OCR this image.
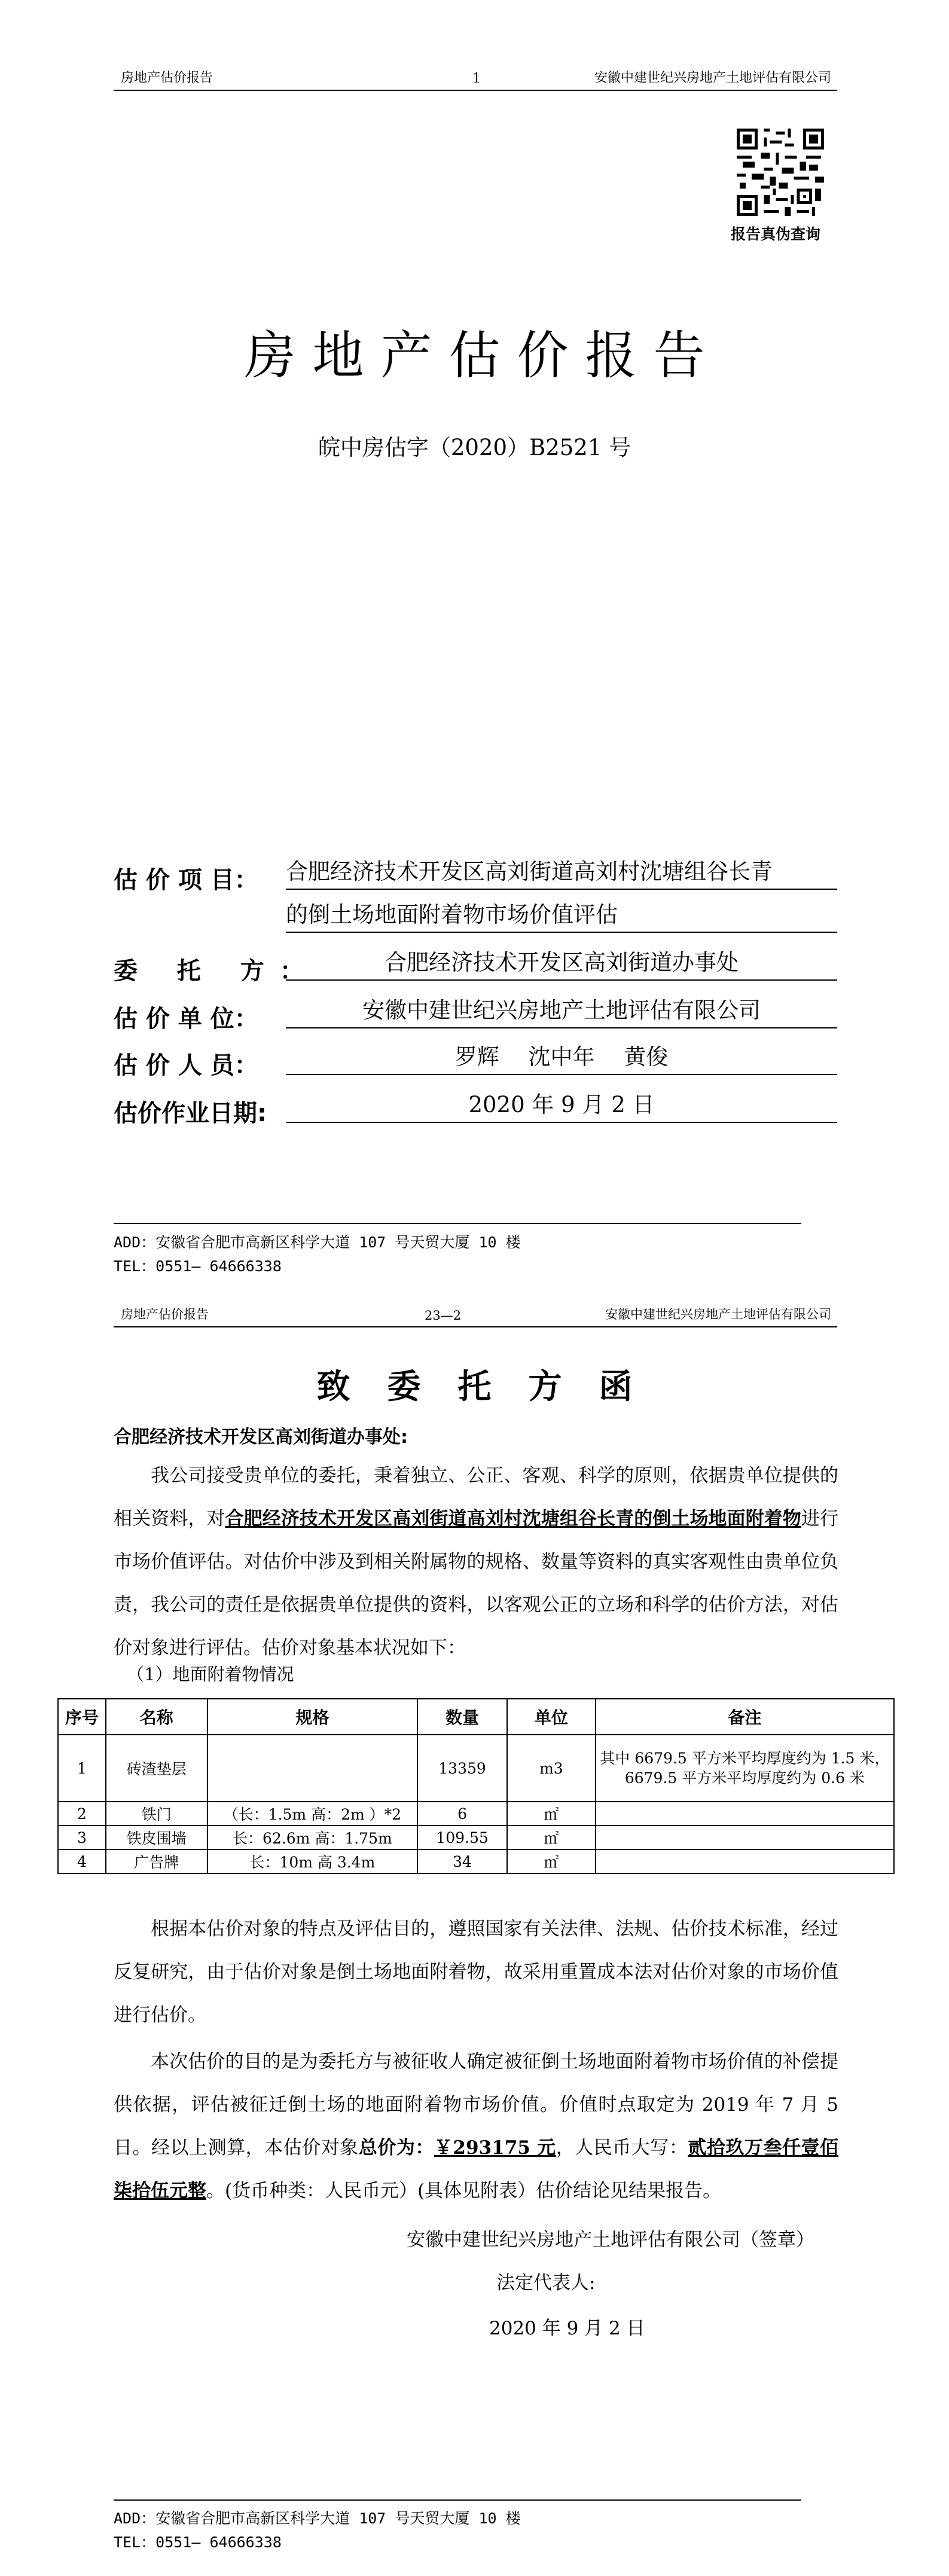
房地产估价报告	1	安徽中建世纪兴房地产土地评估有限公司
报告真伪查询
房地产估价报告
皖中房估字（2020）B2521 号
估 价 项 目： 合肥经济技术开发区高刘街道高刘村沈塘组谷长青
的倒土场地面附着物市场价值评估
委 托 方：	合肥经济技术开发区高刘街道办事处
估 价 单 位：	安徽中建世纪兴房地产土地评估有限公司
估 价 人 员：	罗辉　 沈中年 　黄俊
估价作业日期:	2020 年 9 月 2 日
ADD：安徽省合肥市高新区科学大道 107 号天贸大厦 10 楼
TEL：0551— 64666338
房地产估价报告	23—2	安徽中建世纪兴房地产土地评估有限公司
致委托方函
合肥经济技术开发区高刘街道办事处:

我公司接受贵单位的委托，秉着独立、公正、客观、科学的原则，依据贵单位提供的相关资料，对合肥经济技术开发区高刘街道高刘村沈塘组谷长青的倒土场地面附着物进行市场价值评估。对估价中涉及到相关附属物的规格、数量等资料的真实客观性由贵单位负责，我公司的责任是依据贵单位提供的资料，以客观公正的立场和科学的估价方法，对估价对象进行评估。估价对象基本状况如下：

（1）地面附着物情况
序号	名称	规格	数量	单位	备注
1	砖渣垫层		13359	m3	其中 6679.5 平方米平均厚度约为 1.5 米，6679.5 平方米平均厚度约为 0.6 米
2	铁门	（长：1.5m 高：2m ）*2	6	㎡	
3	铁皮围墙	长：62.6m 高：1.75m	109.55	㎡	
4	广告牌	长：10m 高 3.4m	34	㎡	

根据本估价对象的特点及评估目的，遵照国家有关法律、法规、估价技术标准，经过反复研究，由于估价对象是倒土场地面附着物，故采用重置成本法对估价对象的市场价值进行估价。

本次估价的目的是为委托方与被征收人确定被征倒土场地面附着物市场价值的补偿提供依据，评估被征迁倒土场的地面附着物市场价值。价值时点取定为 2019 年 7 月 5 日。经以上测算，本估价对象总价为：￥293175 元，人民币大写：贰拾玖万叁仟壹佰柒拾伍元整。(货币种类：人民币元）(具体见附表）估价结论见结果报告。

安徽中建世纪兴房地产土地评估有限公司（签章）
法定代表人:
2020 年 9 月 2 日
ADD：安徽省合肥市高新区科学大道 107 号天贸大厦 10 楼
TEL：0551— 64666338
